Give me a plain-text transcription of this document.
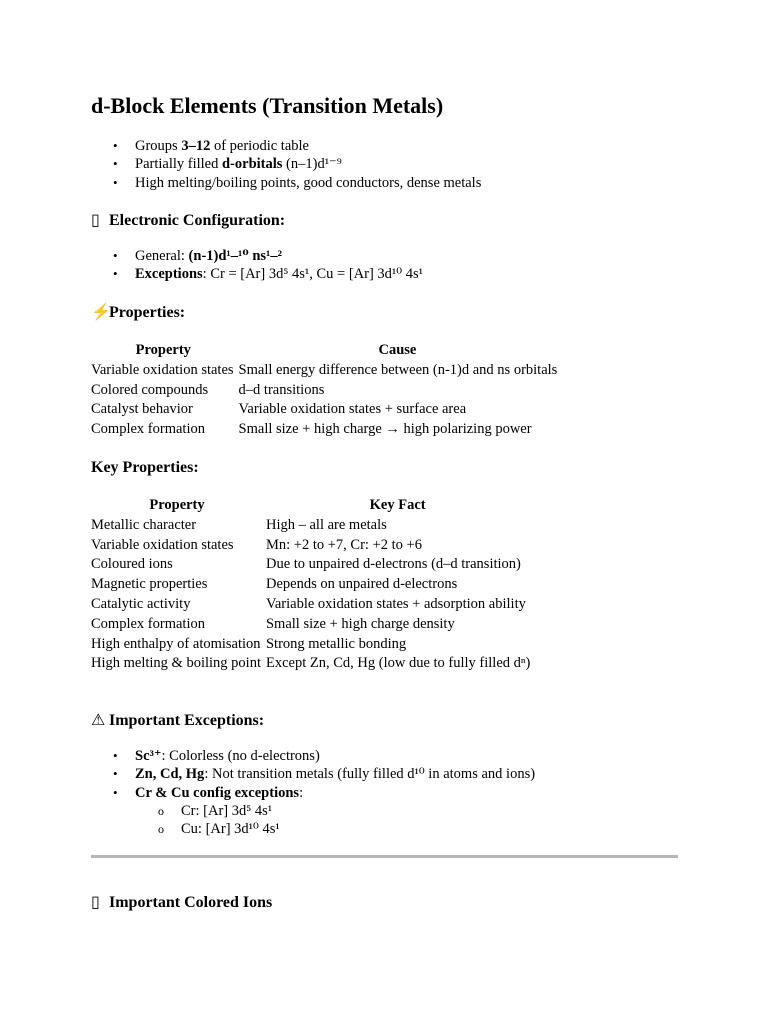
d-Block Elements (Transition Metals)
• Groups 3–12 of periodic table
• Partially filled d-orbitals (n–1)d¹⁻⁹
• High melting/boiling points, good conductors, dense metals
▯ Electronic Configuration:
• General: (n-1)d¹–¹⁰ ns¹–²
• Exceptions: Cr = [Ar] 3d⁵ 4s¹, Cu = [Ar] 3d¹⁰ 4s¹
⚡ Properties:
Property	Cause
Variable oxidation states	Small energy difference between (n-1)d and ns orbitals
Colored compounds	d–d transitions
Catalyst behavior	Variable oxidation states + surface area
Complex formation	Small size + high charge → high polarizing power
Key Properties:
Property	Key Fact
Metallic character	High – all are metals
Variable oxidation states	Mn: +2 to +7, Cr: +2 to +6
Coloured ions	Due to unpaired d-electrons (d–d transition)
Magnetic properties	Depends on unpaired d-electrons
Catalytic activity	Variable oxidation states + adsorption ability
Complex formation	Small size + high charge density
High enthalpy of atomisation	Strong metallic bonding
High melting & boiling point	Except Zn, Cd, Hg (low due to fully filled dⁿ)
⚠ Important Exceptions:
• Sc³⁺: Colorless (no d-electrons)
• Zn, Cd, Hg: Not transition metals (fully filled d¹⁰ in atoms and ions)
• Cr & Cu config exceptions:
o Cr: [Ar] 3d⁵ 4s¹
o Cu: [Ar] 3d¹⁰ 4s¹
▯ Important Colored Ions
